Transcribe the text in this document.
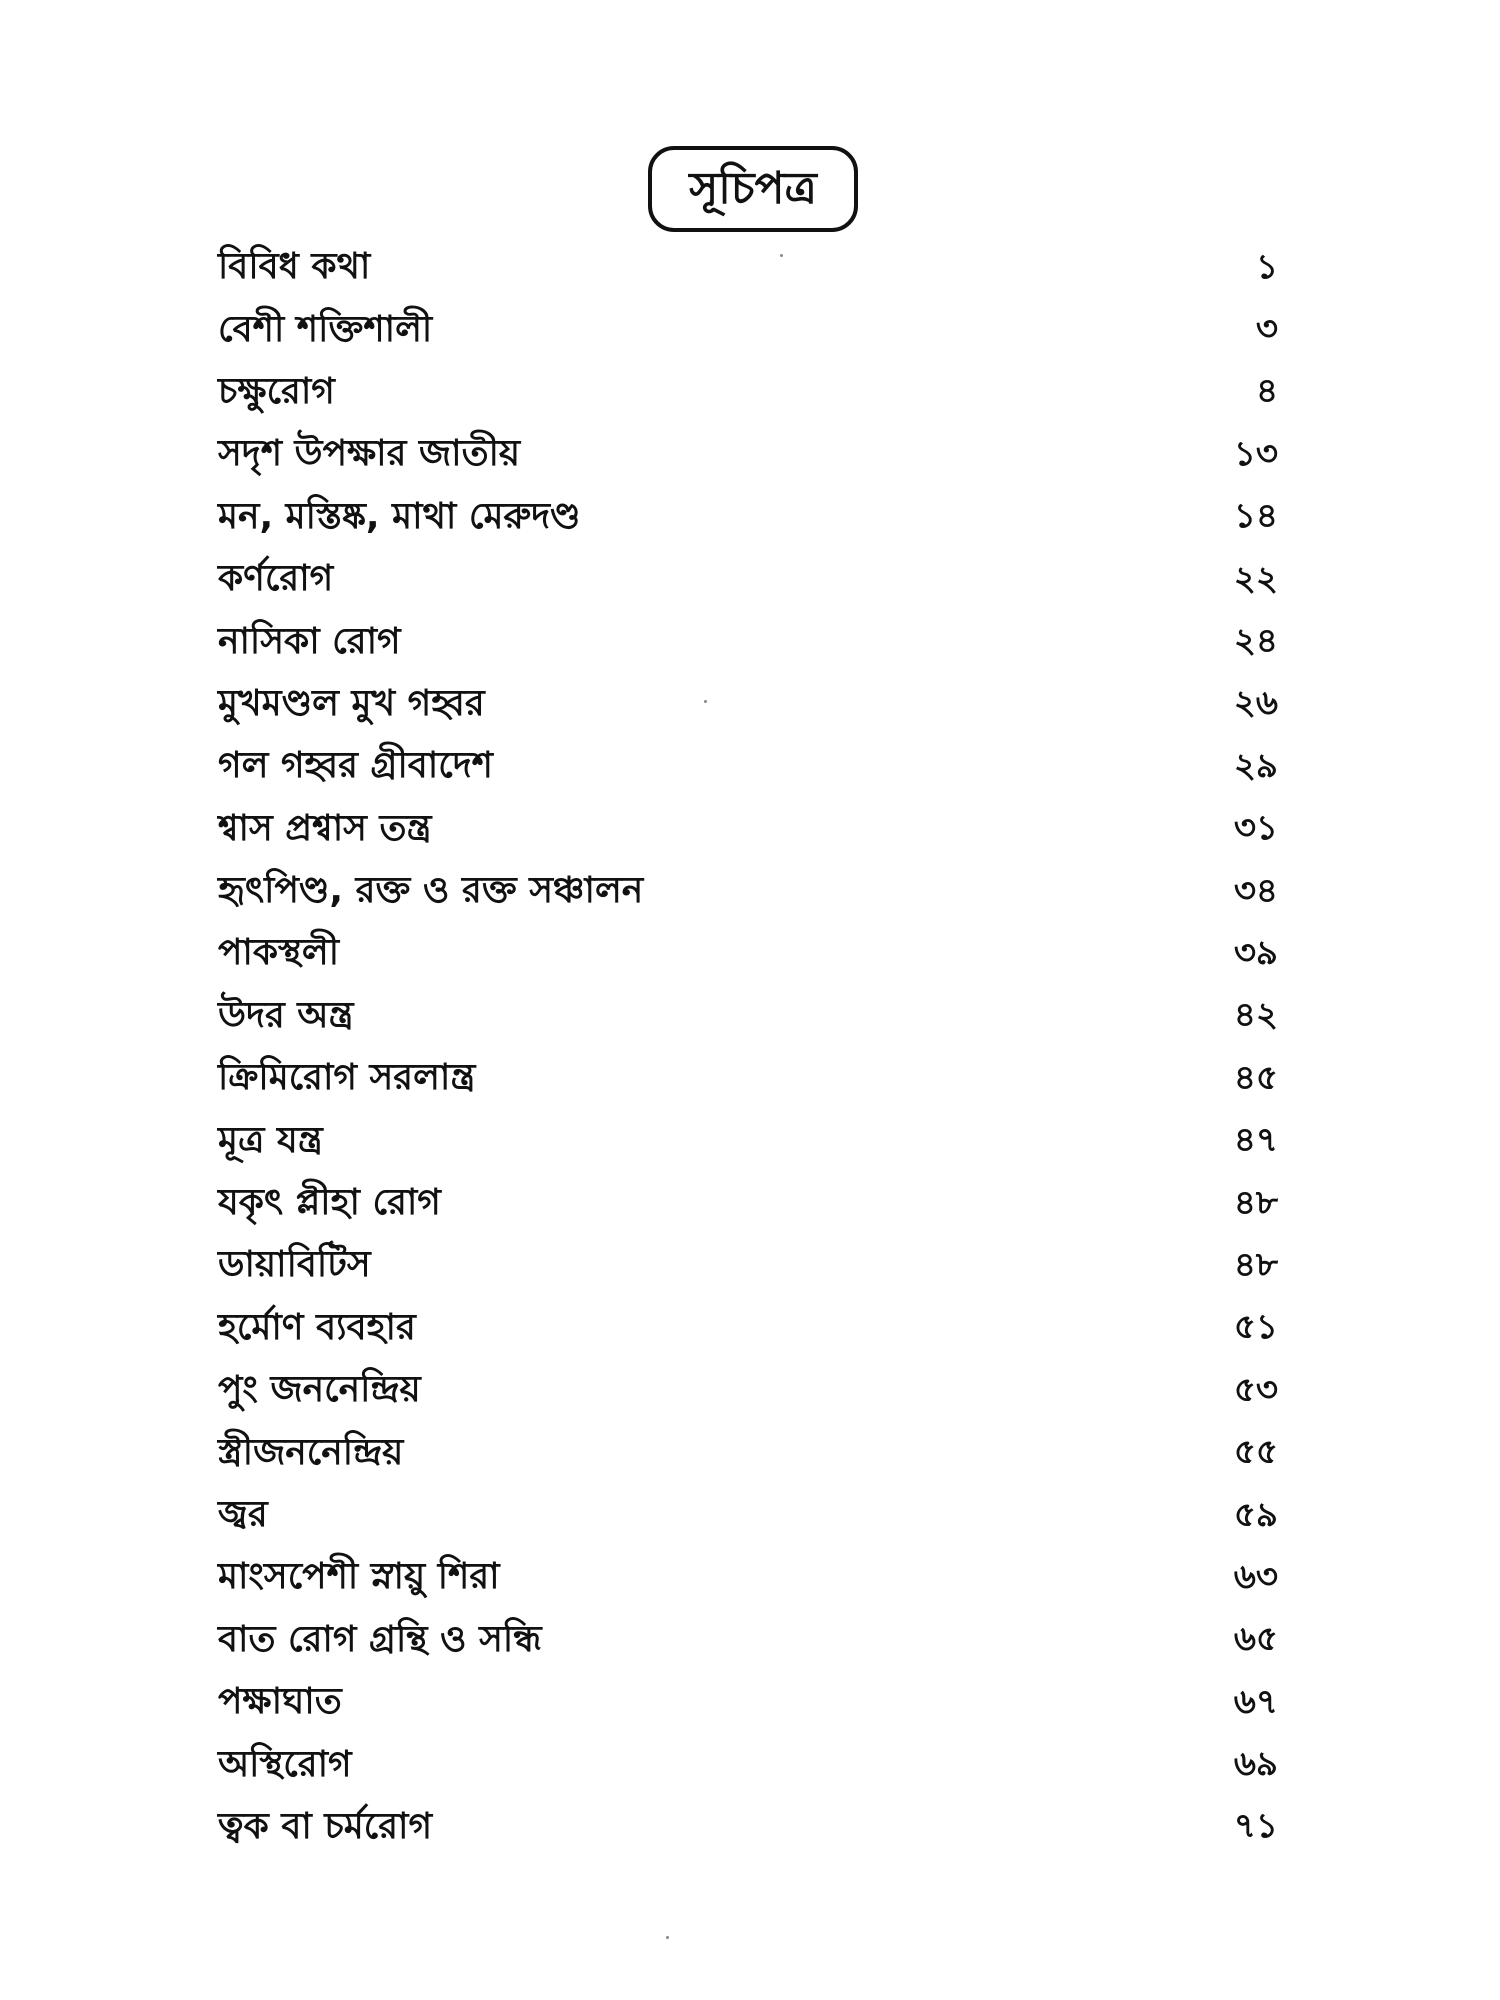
সূচিপত্র
বিবিধ কথা	১
বেশী শক্তিশালী	৩
চক্ষুরোগ	৪
সদৃশ উপক্ষার জাতীয়	১৩
মন, মস্তিষ্ক, মাথা মেরুদণ্ড	১৪
কর্ণরোগ	২২
নাসিকা রোগ	২৪
মুখমণ্ডল মুখ গহ্বর	২৬
গল গহ্বর গ্রীবাদেশ	২৯
শ্বাস প্রশ্বাস তন্ত্র	৩১
হৃৎপিণ্ড, রক্ত ও রক্ত সঞ্চালন	৩৪
পাকস্থলী	৩৯
উদর অন্ত্র	৪২
ক্রিমিরোগ সরলান্ত্র	৪৫
মূত্র যন্ত্র	৪৭
যকৃৎ প্লীহা রোগ	৪৮
ডায়াবিটিস	৪৮
হর্মোণ ব্যবহার	৫১
পুং জননেন্দ্রিয়	৫৩
স্ত্রীজননেন্দ্রিয়	৫৫
জ্বর	৫৯
মাংসপেশী স্নায়ু শিরা	৬৩
বাত রোগ গ্রন্থি ও সন্ধি	৬৫
পক্ষাঘাত	৬৭
অস্থিরোগ	৬৯
ত্বক বা চর্মরোগ	৭১
